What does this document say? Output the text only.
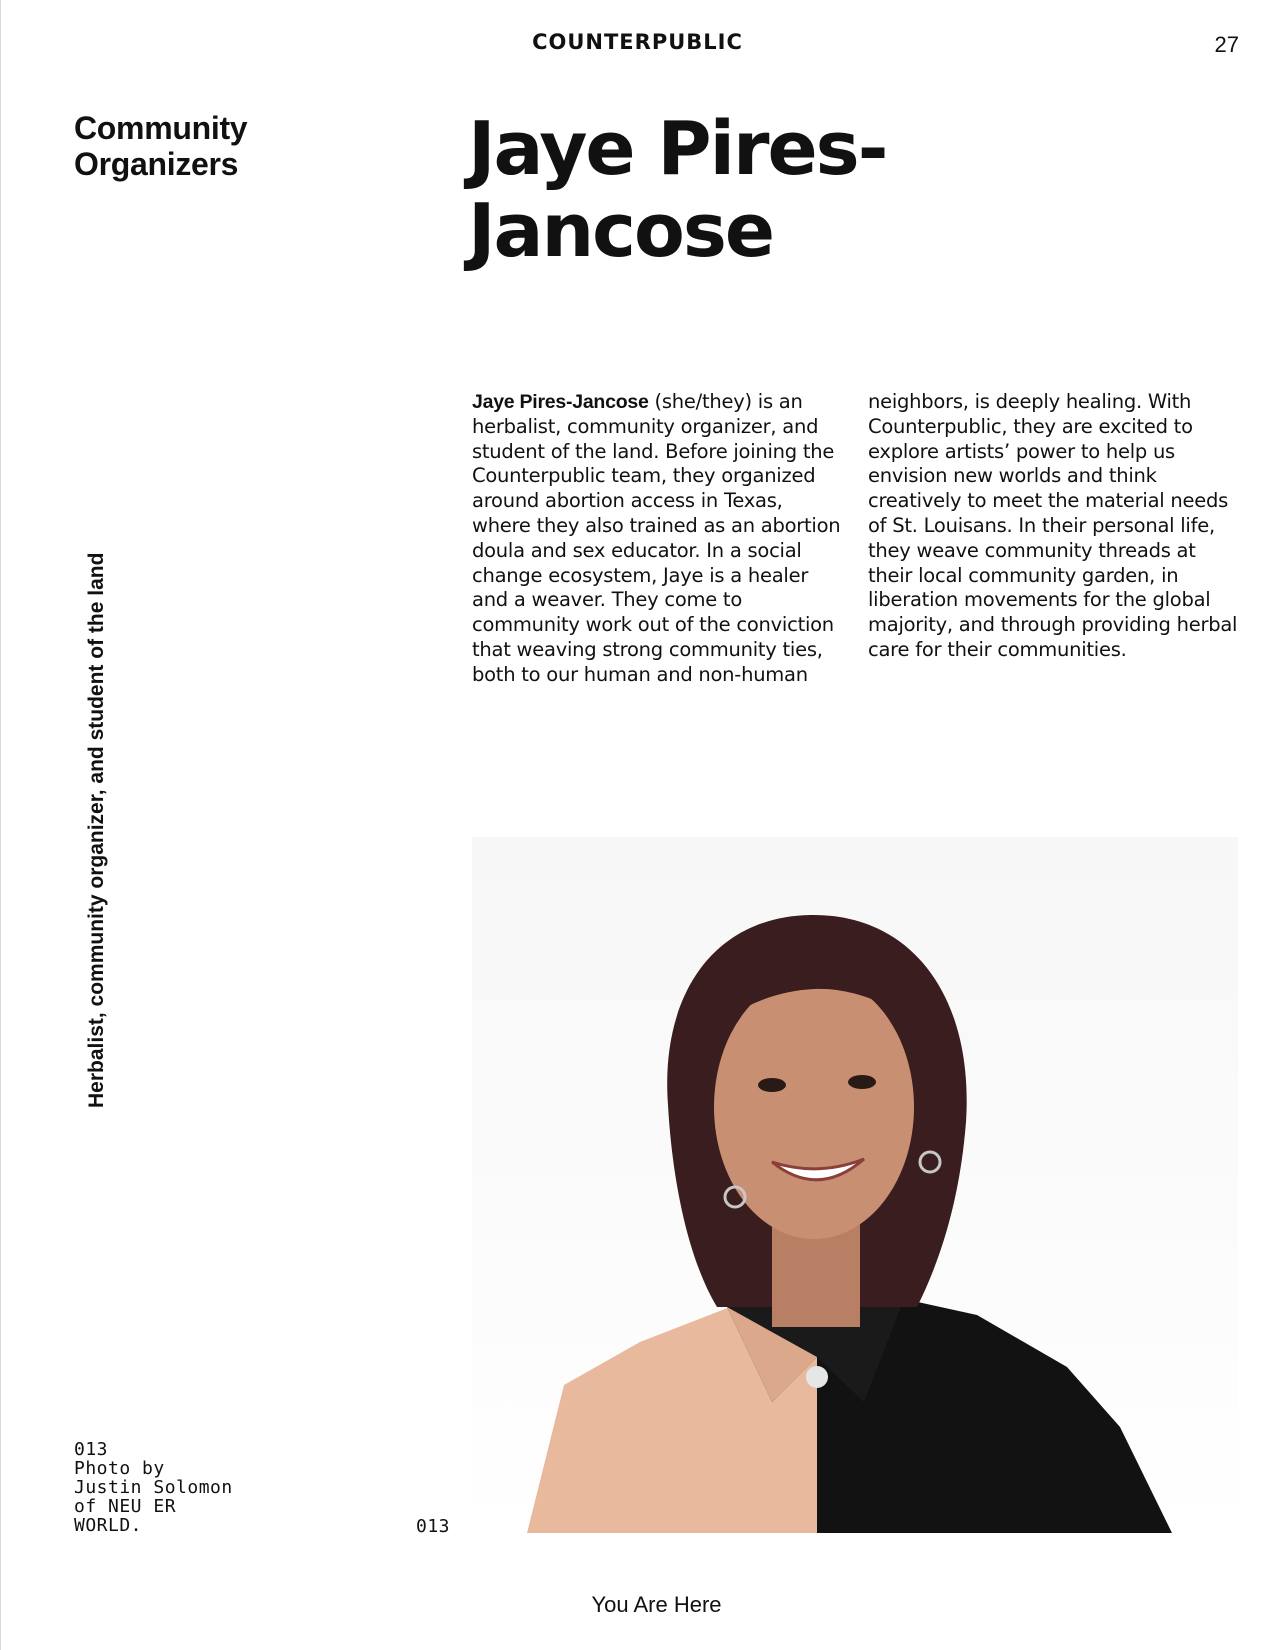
COUNTERPUBLIC	27
Community
Organizers	Jaye Pires-
Jancose
Herbalist, community organizer, and student of the land

Jaye Pires-Jancose (she/they) is an herbalist, community organizer, and student of the land. Before joining the Counterpublic team, they organized around abortion access in Texas, where they also trained as an abortion doula and sex educator. In a social change ecosystem, Jaye is a healer and a weaver. They come to community work out of the conviction that weaving strong community ties, both to our human and non-human

neighbors, is deeply healing. With Counterpublic, they are excited to explore artists’ power to help us envision new worlds and think creatively to meet the material needs of St. Louisans. In their personal life, they weave community threads at their local community garden, in liberation movements for the global majority, and through providing herbal care for their communities.

013
Photo by
Justin Solomon
of NEU ER
WORLD.	013
You Are Here
